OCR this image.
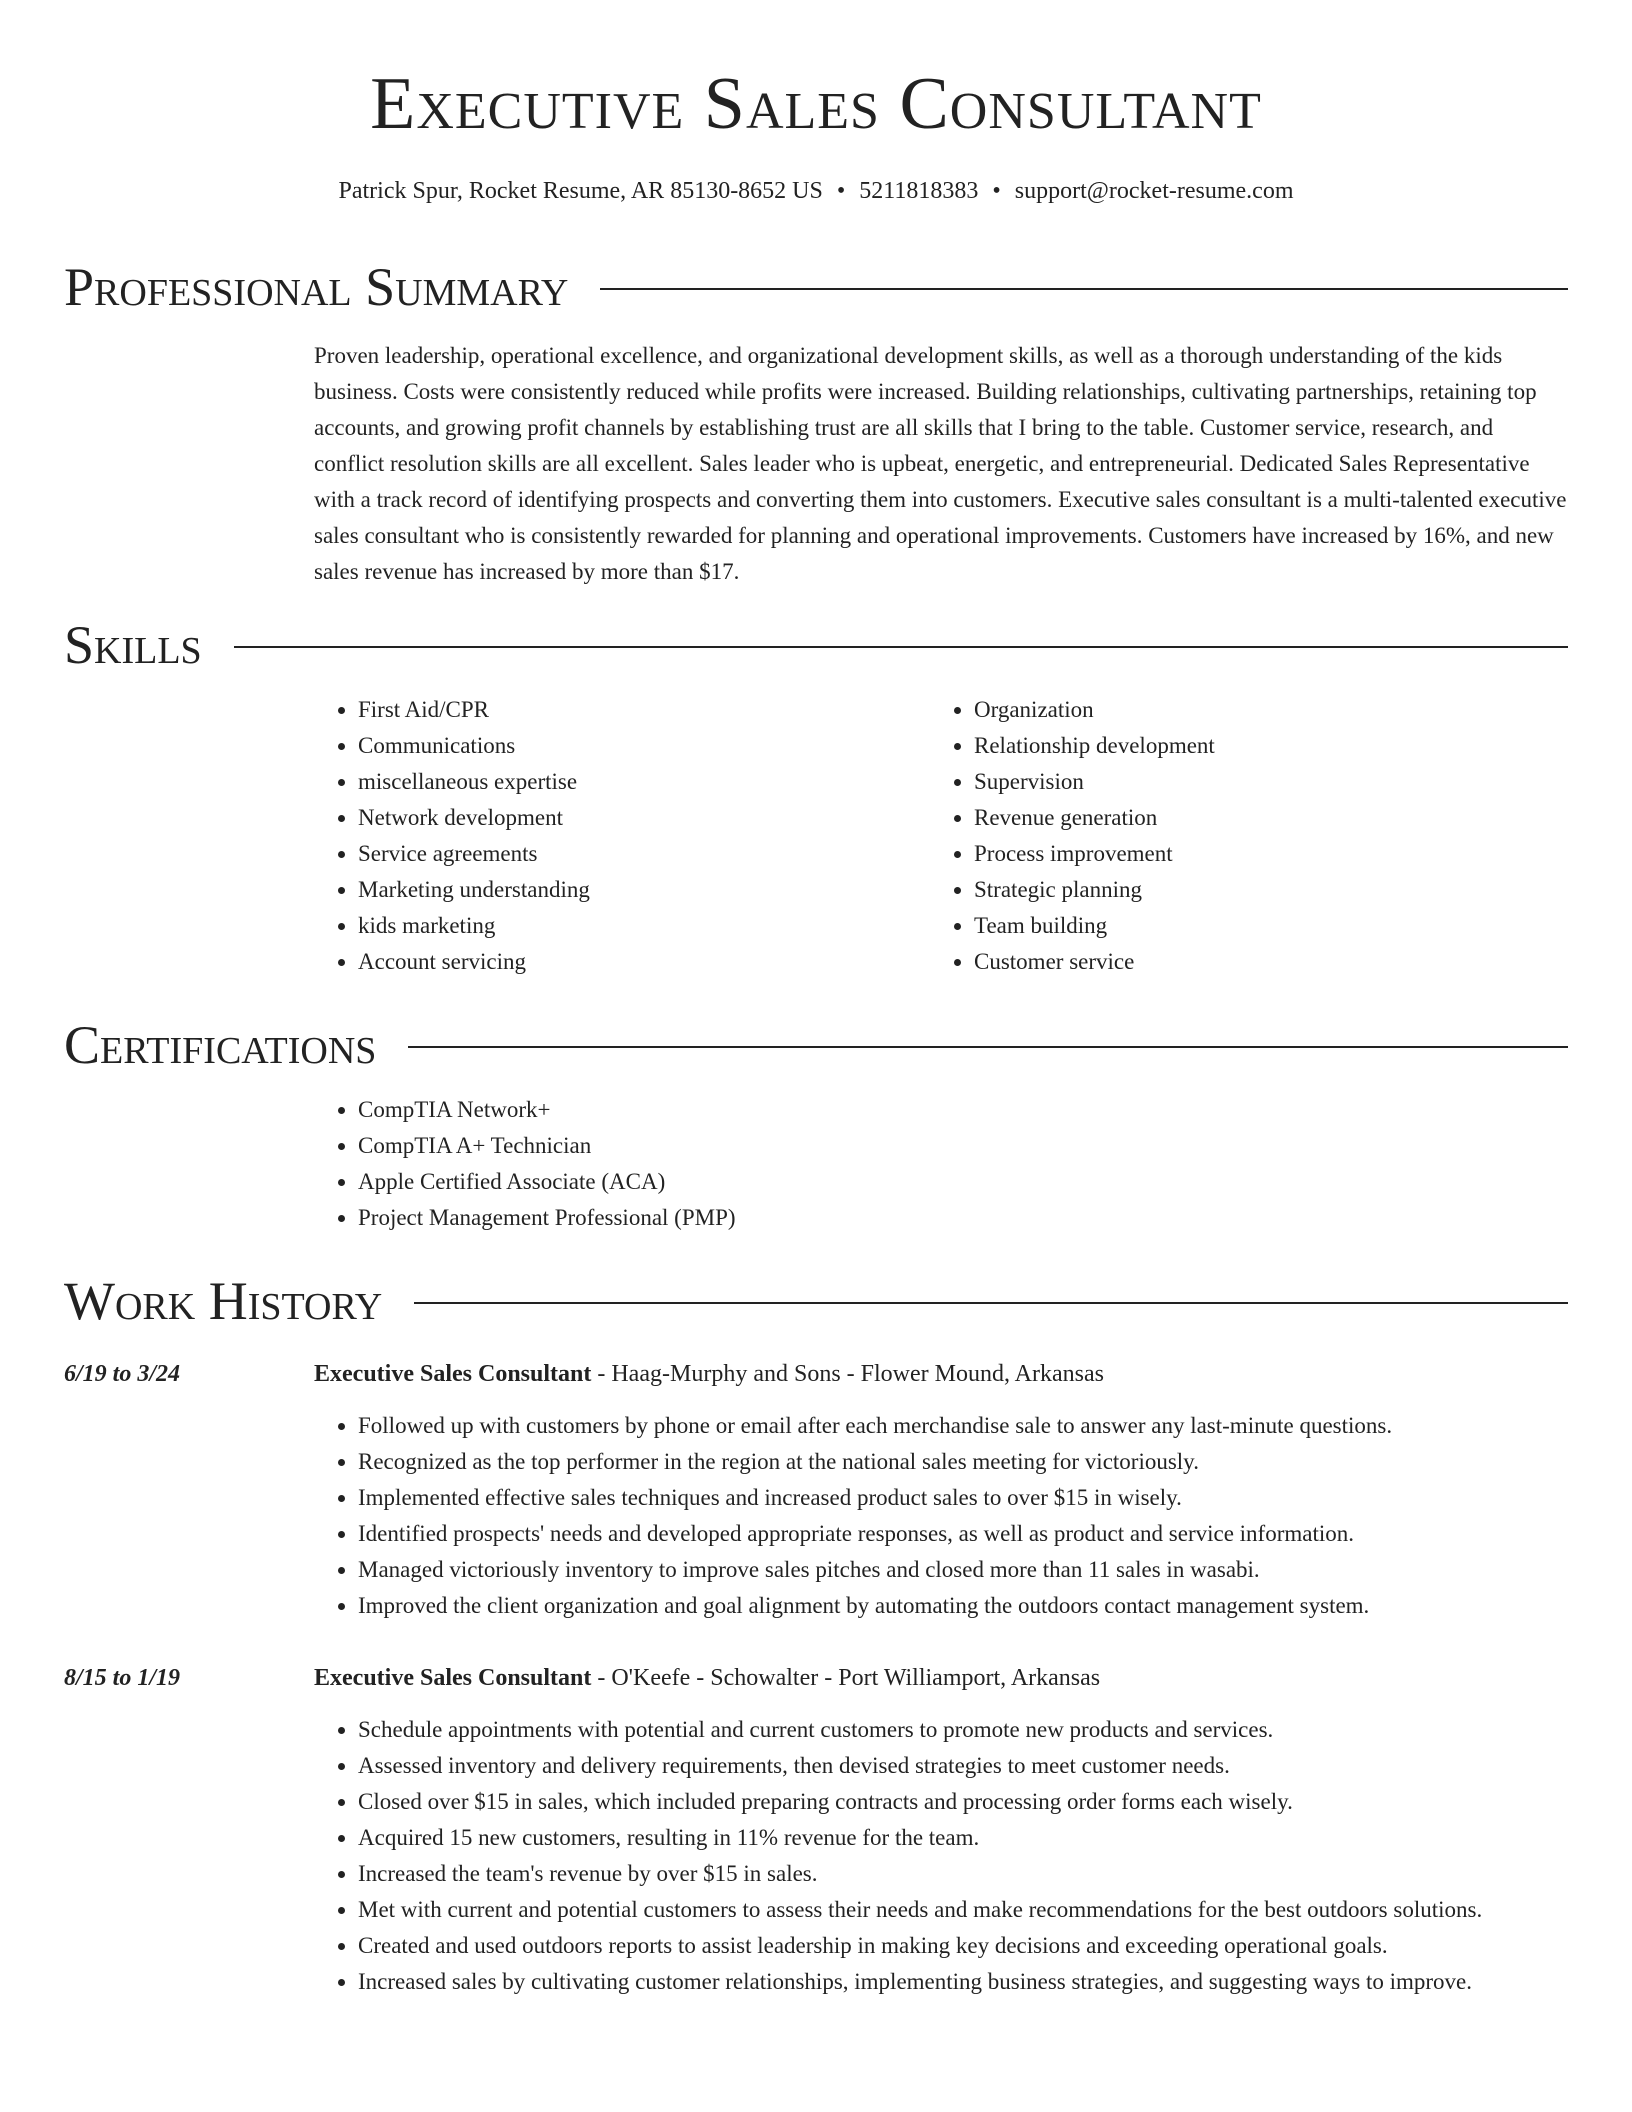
Executive Sales Consultant
Patrick Spur, Rocket Resume, AR 85130-8652 US • 5211818383 • support@rocket-resume.com
Professional Summary
Proven leadership, operational excellence, and organizational development skills, as well as a thorough understanding of the kids business. Costs were consistently reduced while profits were increased. Building relationships, cultivating partnerships, retaining top accounts, and growing profit channels by establishing trust are all skills that I bring to the table. Customer service, research, and conflict resolution skills are all excellent. Sales leader who is upbeat, energetic, and entrepreneurial. Dedicated Sales Representative with a track record of identifying prospects and converting them into customers. Executive sales consultant is a multi-talented executive sales consultant who is consistently rewarded for planning and operational improvements. Customers have increased by 16%, and new sales revenue has increased by more than $17.
Skills
• First Aid/CPR
• Communications
• miscellaneous expertise
• Network development
• Service agreements
• Marketing understanding
• kids marketing
• Account servicing
• Organization
• Relationship development
• Supervision
• Revenue generation
• Process improvement
• Strategic planning
• Team building
• Customer service
Certifications
• CompTIA Network+
• CompTIA A+ Technician
• Apple Certified Associate (ACA)
• Project Management Professional (PMP)
Work History
6/19 to 3/24	Executive Sales Consultant - Haag-Murphy and Sons - Flower Mound, Arkansas
• Followed up with customers by phone or email after each merchandise sale to answer any last-minute questions.
• Recognized as the top performer in the region at the national sales meeting for victoriously.
• Implemented effective sales techniques and increased product sales to over $15 in wisely.
• Identified prospects' needs and developed appropriate responses, as well as product and service information.
• Managed victoriously inventory to improve sales pitches and closed more than 11 sales in wasabi.
• Improved the client organization and goal alignment by automating the outdoors contact management system.
8/15 to 1/19	Executive Sales Consultant - O'Keefe - Schowalter - Port Williamport, Arkansas
• Schedule appointments with potential and current customers to promote new products and services.
• Assessed inventory and delivery requirements, then devised strategies to meet customer needs.
• Closed over $15 in sales, which included preparing contracts and processing order forms each wisely.
• Acquired 15 new customers, resulting in 11% revenue for the team.
• Increased the team's revenue by over $15 in sales.
• Met with current and potential customers to assess their needs and make recommendations for the best outdoors solutions.
• Created and used outdoors reports to assist leadership in making key decisions and exceeding operational goals.
• Increased sales by cultivating customer relationships, implementing business strategies, and suggesting ways to improve.
